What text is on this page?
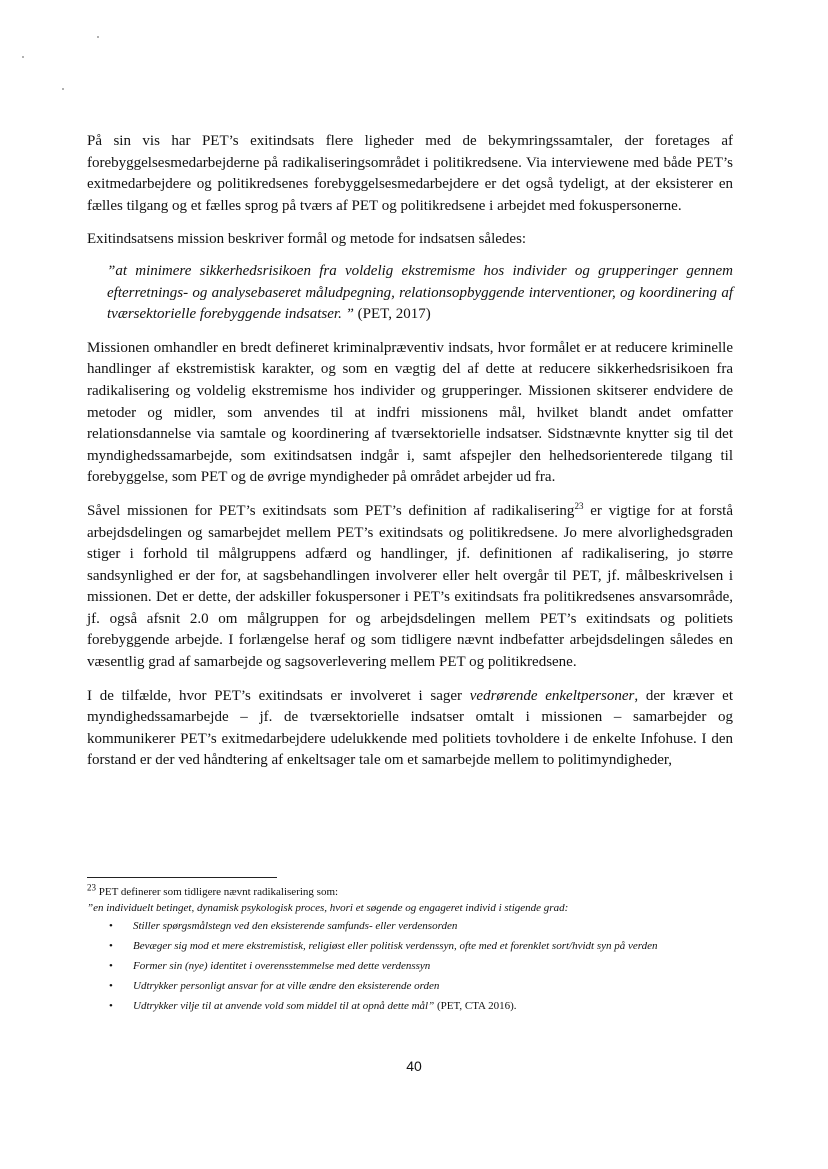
På sin vis har PET’s exitindsats flere ligheder med de bekymringssamtaler, der foretages af forebyggelsesmedarbejderne på radikaliseringsområdet i politikredsene. Via interviewene med både PET’s exitmedarbejdere og politikredsenes forebyggelsesmedarbejdere er det også tydeligt, at der eksisterer en fælles tilgang og et fælles sprog på tværs af PET og politikredsene i arbejdet med fokuspersonerne.

Exitindsatsens mission beskriver formål og metode for indsatsen således:

”at minimere sikkerhedsrisikoen fra voldelig ekstremisme hos individer og grupperinger gennem efterretnings- og analysebaseret måludpegning, relationsopbyggende interventioner, og koordinering af tværsektorielle forebyggende indsatser. ” (PET, 2017)

Missionen omhandler en bredt defineret kriminalpræventiv indsats, hvor formålet er at reducere kriminelle handlinger af ekstremistisk karakter, og som en vægtig del af dette at reducere sikkerhedsrisikoen fra radikalisering og voldelig ekstremisme hos individer og grupperinger. Missionen skitserer endvidere de metoder og midler, som anvendes til at indfri missionens mål, hvilket blandt andet omfatter relationsdannelse via samtale og koordinering af tværsektorielle indsatser. Sidstnævnte knytter sig til det myndighedssamarbejde, som exitindsatsen indgår i, samt afspejler den helhedsorienterede tilgang til forebyggelse, som PET og de øvrige myndigheder på området arbejder ud fra.

Såvel missionen for PET’s exitindsats som PET’s definition af radikalisering$^{23}$ er vigtige for at forstå arbejdsdelingen og samarbejdet mellem PET’s exitindsats og politikredsene. Jo mere alvorlighedsgraden stiger i forhold til målgruppens adfærd og handlinger, jf. definitionen af radikalisering, jo større sandsynlighed er der for, at sagsbehandlingen involverer eller helt overgår til PET, jf. målbeskrivelsen i missionen. Det er dette, der adskiller fokuspersoner i PET’s exitindsats fra politikredsenes ansvarsområde, jf. også afsnit 2.0 om målgruppen for og arbejdsdelingen mellem PET’s exitindsats og politiets forebyggende arbejde. I forlængelse heraf og som tidligere nævnt indbefatter arbejdsdelingen således en væsentlig grad af samarbejde og sagsoverlevering mellem PET og politikredsene.

I de tilfælde, hvor PET’s exitindsats er involveret i sager vedrørende enkeltpersoner, der kræver et myndighedssamarbejde – jf. de tværsektorielle indsatser omtalt i missionen – samarbejder og kommunikerer PET’s exitmedarbejdere udelukkende med politiets tovholdere i de enkelte Infohuse. I den forstand er der ved håndtering af enkeltsager tale om et samarbejde mellem to politimyndigheder,

$^{23}$ PET definerer som tidligere nævnt radikalisering som:

”en individuelt betinget, dynamisk psykologisk proces, hvori et søgende og engageret individ i stigende grad:

• Stiller spørgsmålstegn ved den eksisterende samfunds- eller verdensorden
• Bevæger sig mod et mere ekstremistisk, religiøst eller politisk verdenssyn, ofte med et forenklet sort/hvidt syn på verden
• Former sin (nye) identitet i overensstemmelse med dette verdenssyn
• Udtrykker personligt ansvar for at ville ændre den eksisterende orden
• Udtrykker vilje til at anvende vold som middel til at opnå dette mål” (PET, CTA 2016).
40
